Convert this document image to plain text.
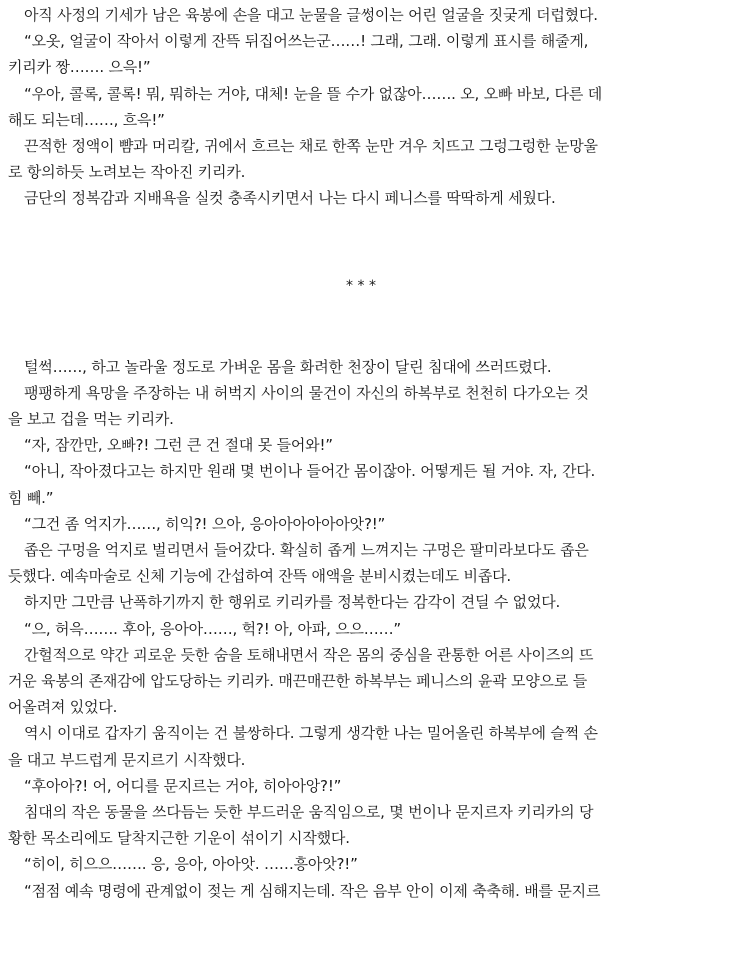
아직 사정의 기세가 남은 육봉에 손을 대고 눈물을 글썽이는 어린 얼굴을 짓궂게 더럽혔다.
“오옷, 얼굴이 작아서 이렇게 잔뜩 뒤집어쓰는군……! 그래, 그래. 이렇게 표시를 해줄게,
키리카 짱……. 으윽!”
“우아, 콜록, 콜록! 뭐, 뭐하는 거야, 대체! 눈을 뜰 수가 없잖아……. 오, 오빠 바보, 다른 데
해도 되는데……, 흐윽!”
끈적한 정액이 뺨과 머리칼, 귀에서 흐르는 채로 한쪽 눈만 겨우 치뜨고 그렁그렁한 눈망울
로 항의하듯 노려보는 작아진 키리카.
금단의 정복감과 지배욕을 실컷 충족시키면서 나는 다시 페니스를 딱딱하게 세웠다.
* * *
털썩……, 하고 놀라울 정도로 가벼운 몸을 화려한 천장이 달린 침대에 쓰러뜨렸다.
팽팽하게 욕망을 주장하는 내 허벅지 사이의 물건이 자신의 하복부로 천천히 다가오는 것
을 보고 겁을 먹는 키리카.
“자, 잠깐만, 오빠?! 그런 큰 건 절대 못 들어와!”
“아니, 작아졌다고는 하지만 원래 몇 번이나 들어간 몸이잖아. 어떻게든 될 거야. 자, 간다.
힘 빼.”
“그건 좀 억지가……, 히익?! 으아, 응아아아아아아앗?!”
좁은 구멍을 억지로 벌리면서 들어갔다. 확실히 좁게 느껴지는 구멍은 팔미라보다도 좁은
듯했다. 예속마술로 신체 기능에 간섭하여 잔뜩 애액을 분비시켰는데도 비좁다.
하지만 그만큼 난폭하기까지 한 행위로 키리카를 정복한다는 감각이 견딜 수 없었다.
“으, 허윽……. 후아, 응아아……, 헉?! 아, 아파, 으으……”
간헐적으로 약간 괴로운 듯한 숨을 토해내면서 작은 몸의 중심을 관통한 어른 사이즈의 뜨
거운 육봉의 존재감에 압도당하는 키리카. 매끈매끈한 하복부는 페니스의 윤곽 모양으로 들
어올려져 있었다.
역시 이대로 갑자기 움직이는 건 불쌍하다. 그렇게 생각한 나는 밀어올린 하복부에 슬쩍 손
을 대고 부드럽게 문지르기 시작했다.
“후아아?! 어, 어디를 문지르는 거야, 히아아앙?!”
침대의 작은 동물을 쓰다듬는 듯한 부드러운 움직임으로, 몇 번이나 문지르자 키리카의 당
황한 목소리에도 달착지근한 기운이 섞이기 시작했다.
“히이, 히으으……. 응, 응아, 아아앗. ……흥아앗?!”
“점점 예속 명령에 관계없이 젖는 게 심해지는데. 작은 음부 안이 이제 축축해. 배를 문지르
